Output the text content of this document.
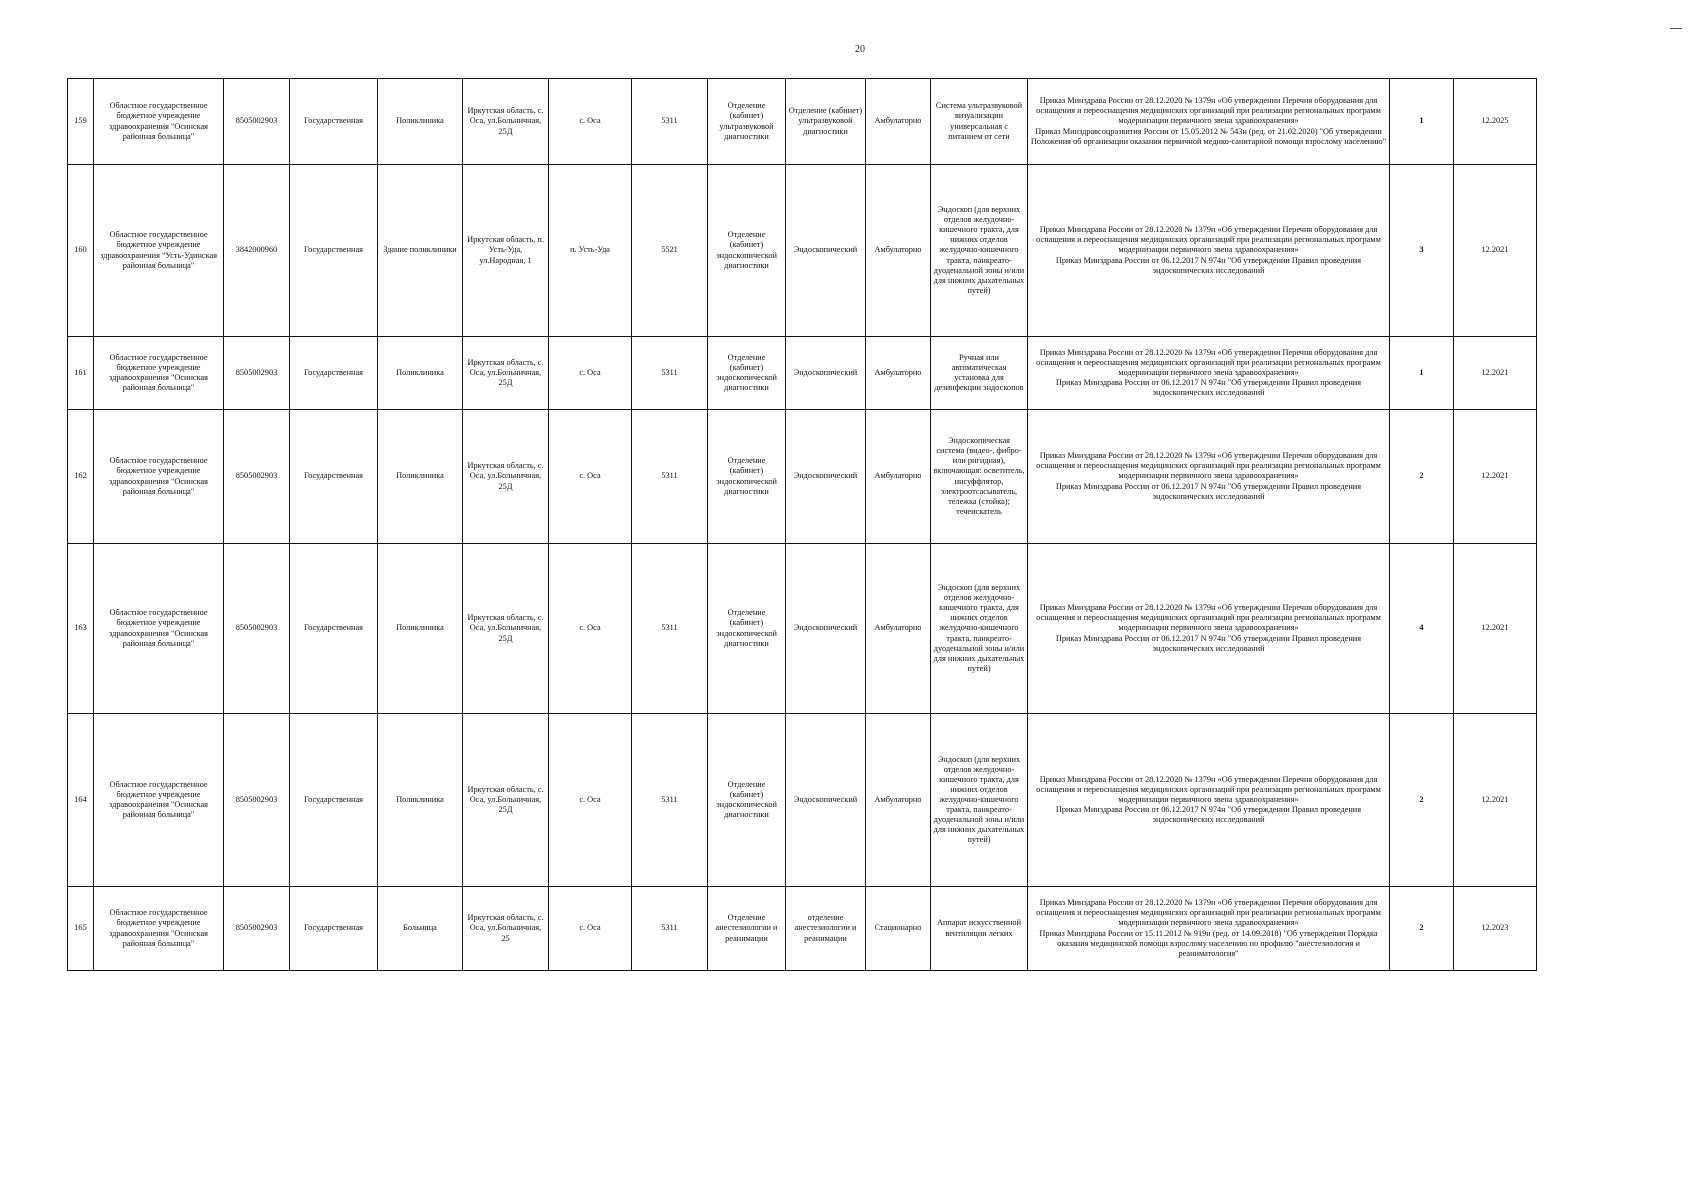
20
159	Областное государственное бюджетное учреждение здравоохранения "Осинская районная больница"	8505002903	Государственная	Поликлиника	Иркутская область, с. Оса, ул.Больничная, 25Д	с. Оса	5311	Отделение (кабинет) ультразвуковой диагностики	Отделение (кабинет) ультразвуковой диагностики	Амбулаторно	Система ультразвуковой визуализации универсальная с питанием от сети	Приказ Минздрава России от 28.12.2020 № 1379н «Об утверждении Перечня оборудования для оснащения и переоснащения медицинских организаций при реализации региональных программ модернизации первичного звена здравоохранения»
Приказ Минздравсоцразвития России от 15.05.2012 № 543н (ред. от 21.02.2020) "Об утверждении Положения об организации оказания первичной медико-санитарной помощи взрослому населению"	1	12.2025
160	Областное государственное бюджетное учреждение здравоохранения "Усть-Удинская районная больница"	3842000960	Государственная	Здание поликлиники	Иркутская область, п. Усть-Уда, ул.Народная, 1	п. Усть-Уда	5521	Отделение (кабинет) эндоскопической диагностики	Эндоскопический	Амбулаторно	Эндоскоп (для верхних отделов желудочно-кишечного тракта, для нижних отделов желудочно-кишечного тракта, панкреато-дуоденальной зоны и/или для нижних дыхательных путей)	Приказ Минздрава России от 28.12.2020 № 1379н «Об утверждении Перечня оборудования для оснащения и переоснащения медицинских организаций при реализации региональных программ модернизации первичного звена здравоохранения»
Приказ Минздрава России от 06.12.2017 N 974н "Об утверждении Правил проведения эндоскопических исследований	3	12.2021
161	Областное государственное бюджетное учреждение здравоохранения "Осинская районная больница"	8505002903	Государственная	Поликлиника	Иркутская область, с. Оса, ул.Больничная, 25Д	с. Оса	5311	Отделение (кабинет) эндоскопической диагностики	Эндоскопический	Амбулаторно	Ручная или автоматическая установка для дезинфекции эндоскопов	Приказ Минздрава России от 28.12.2020 № 1379н «Об утверждении Перечня оборудования для оснащения и переоснащения медицинских организаций при реализации региональных программ модернизации первичного звена здравоохранения»
Приказ Минздрава России от 06.12.2017 N 974н "Об утверждении Правил проведения эндоскопических исследований	1	12.2021
162	Областное государственное бюджетное учреждение здравоохранения "Осинская районная больница"	8505002903	Государственная	Поликлиника	Иркутская область, с. Оса, ул.Больничная, 25Д	с. Оса	5311	Отделение (кабинет) эндоскопической диагностики	Эндоскопический	Амбулаторно	Эндоскопическая система (видео-, фибро- или ригидная), включающая: осветитель, инсуффлятор, электроотсасыватель, тележка (стойка); течеискатель	Приказ Минздрава России от 28.12.2020 № 1379н «Об утверждении Перечня оборудования для оснащения и переоснащения медицинских организаций при реализации региональных программ модернизации первичного звена здравоохранения»
Приказ Минздрава России от 06.12.2017 N 974н "Об утверждении Правил проведения эндоскопических исследований	2	12.2021
163	Областное государственное бюджетное учреждение здравоохранения "Осинская районная больница"	8505002903	Государственная	Поликлиника	Иркутская область, с. Оса, ул.Больничная, 25Д	с. Оса	5311	Отделение (кабинет) эндоскопической диагностики	Эндоскопический	Амбулаторно	Эндоскоп (для верхних отделов желудочно-кишечного тракта, для нижних отделов желудочно-кишечного тракта, панкреато-дуоденальной зоны и/или для нижних дыхательных путей)	Приказ Минздрава России от 28.12.2020 № 1379н «Об утверждении Перечня оборудования для оснащения и переоснащения медицинских организаций при реализации региональных программ модернизации первичного звена здравоохранения»
Приказ Минздрава России от 06.12.2017 N 974н "Об утверждении Правил проведения эндоскопических исследований	4	12.2021
164	Областное государственное бюджетное учреждение здравоохранения "Осинская районная больница"	8505002903	Государственная	Поликлиника	Иркутская область, с. Оса, ул.Больничная, 25Д	с. Оса	5311	Отделение (кабинет) эндоскопической диагностики	Эндоскопический	Амбулаторно	Эндоскоп (для верхних отделов желудочно-кишечного тракта, для нижних отделов желудочно-кишечного тракта, панкреато-дуоденальной зоны и/или для нижних дыхательных путей)	Приказ Минздрава России от 28.12.2020 № 1379н «Об утверждении Перечня оборудования для оснащения и переоснащения медицинских организаций при реализации региональных программ модернизации первичного звена здравоохранения»
Приказ Минздрава России от 06.12.2017 N 974н "Об утверждении Правил проведения эндоскопических исследований	2	12.2021
165	Областное государственное бюджетное учреждение здравоохранения "Осинская районная больница"	8505002903	Государственная	Больница	Иркутская область, с. Оса, ул.Больничная, 25	с. Оса	5311	Отделение анестезиологии и реанимации	отделение анестезиологии и реанимации	Стационарно	Аппарат искусственной вентиляции легких	Приказ Минздрава России от 28.12.2020 № 1379н «Об утверждении Перечня оборудования для оснащения и переоснащения медицинских организаций при реализации региональных программ модернизации первичного звена здравоохранения»
Приказ Минздрава России от 15.11.2012 № 919н (ред. от 14.09.2018) "Об утверждении Порядка оказания медицинской помощи взрослому населению по профилю "анестезиология и реаниматология"	2	12.2023
